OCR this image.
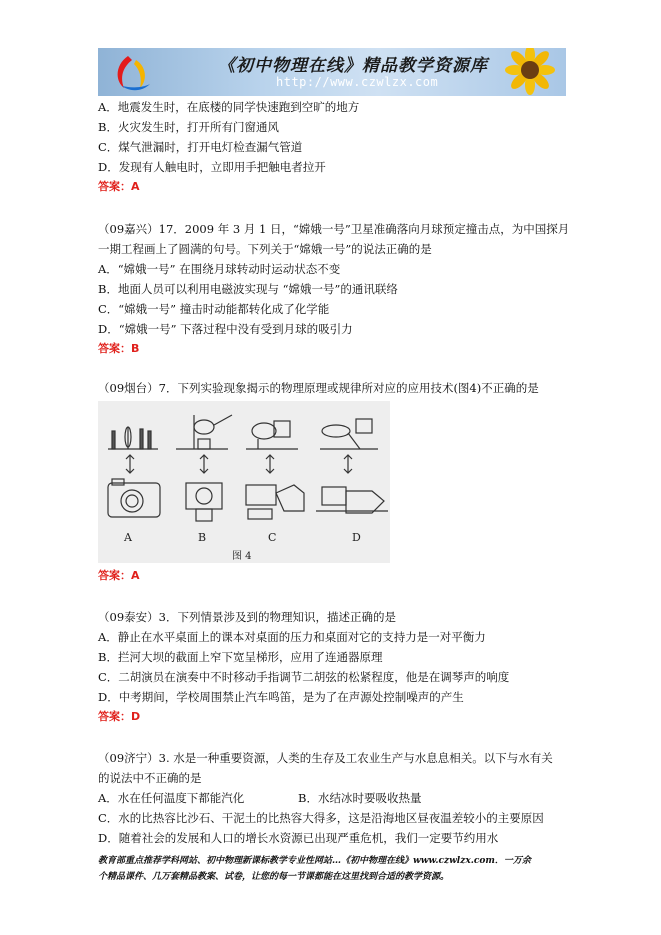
《初中物理在线》精品教学资源库
http://www.czwlzx.com
A．地震发生时，在底楼的同学快速跑到空旷的地方
B．火灾发生时，打开所有门窗通风
C．煤气泄漏时，打开电灯检查漏气管道
D．发现有人触电时，立即用手把触电者拉开
答案：A
（09嘉兴）17．2009 年 3 月 1 日，“嫦娥一号”卫星准确落向月球预定撞击点，为中国探月
一期工程画上了圆满的句号。下列关于“嫦娥一号”的说法正确的是
A．“嫦娥一号” 在围绕月球转动时运动状态不变
B．地面人员可以利用电磁波实现与 “嫦娥一号”的通讯联络
C．“嫦娥一号” 撞击时动能都转化成了化学能
D．“嫦娥一号” 下落过程中没有受到月球的吸引力
答案：B
（09烟台）7．下列实验现象揭示的物理原理或规律所对应的应用技术(图4)不正确的是
A	B	C	D
图 4
答案：A
（09泰安）3．下列情景涉及到的物理知识，描述正确的是
A．静止在水平桌面上的课本对桌面的压力和桌面对它的支持力是一对平衡力
B．拦河大坝的截面上窄下宽呈梯形，应用了连通器原理
C．二胡演员在演奏中不时移动手指调节二胡弦的松紧程度，他是在调琴声的响度
D．中考期间，学校周围禁止汽车鸣笛，是为了在声源处控制噪声的产生
答案：D
（09济宁）3. 水是一种重要资源，人类的生存及工农业生产与水息息相关。以下与水有关
的说法中不正确的是
A．水在任何温度下都能汽化	B．水结冰时要吸收热量
C．水的比热容比沙石、干泥土的比热容大得多，这是沿海地区昼夜温差较小的主要原因
D．随着社会的发展和人口的增长水资源已出现严重危机，我们一定要节约用水
教育部重点推荐学科网站、初中物理新课标教学专业性网站…《初中物理在线》www.czwlzx.com．一万余
个精品课件、几万套精品教案、试卷，让您的每一节课都能在这里找到合适的教学资源。
